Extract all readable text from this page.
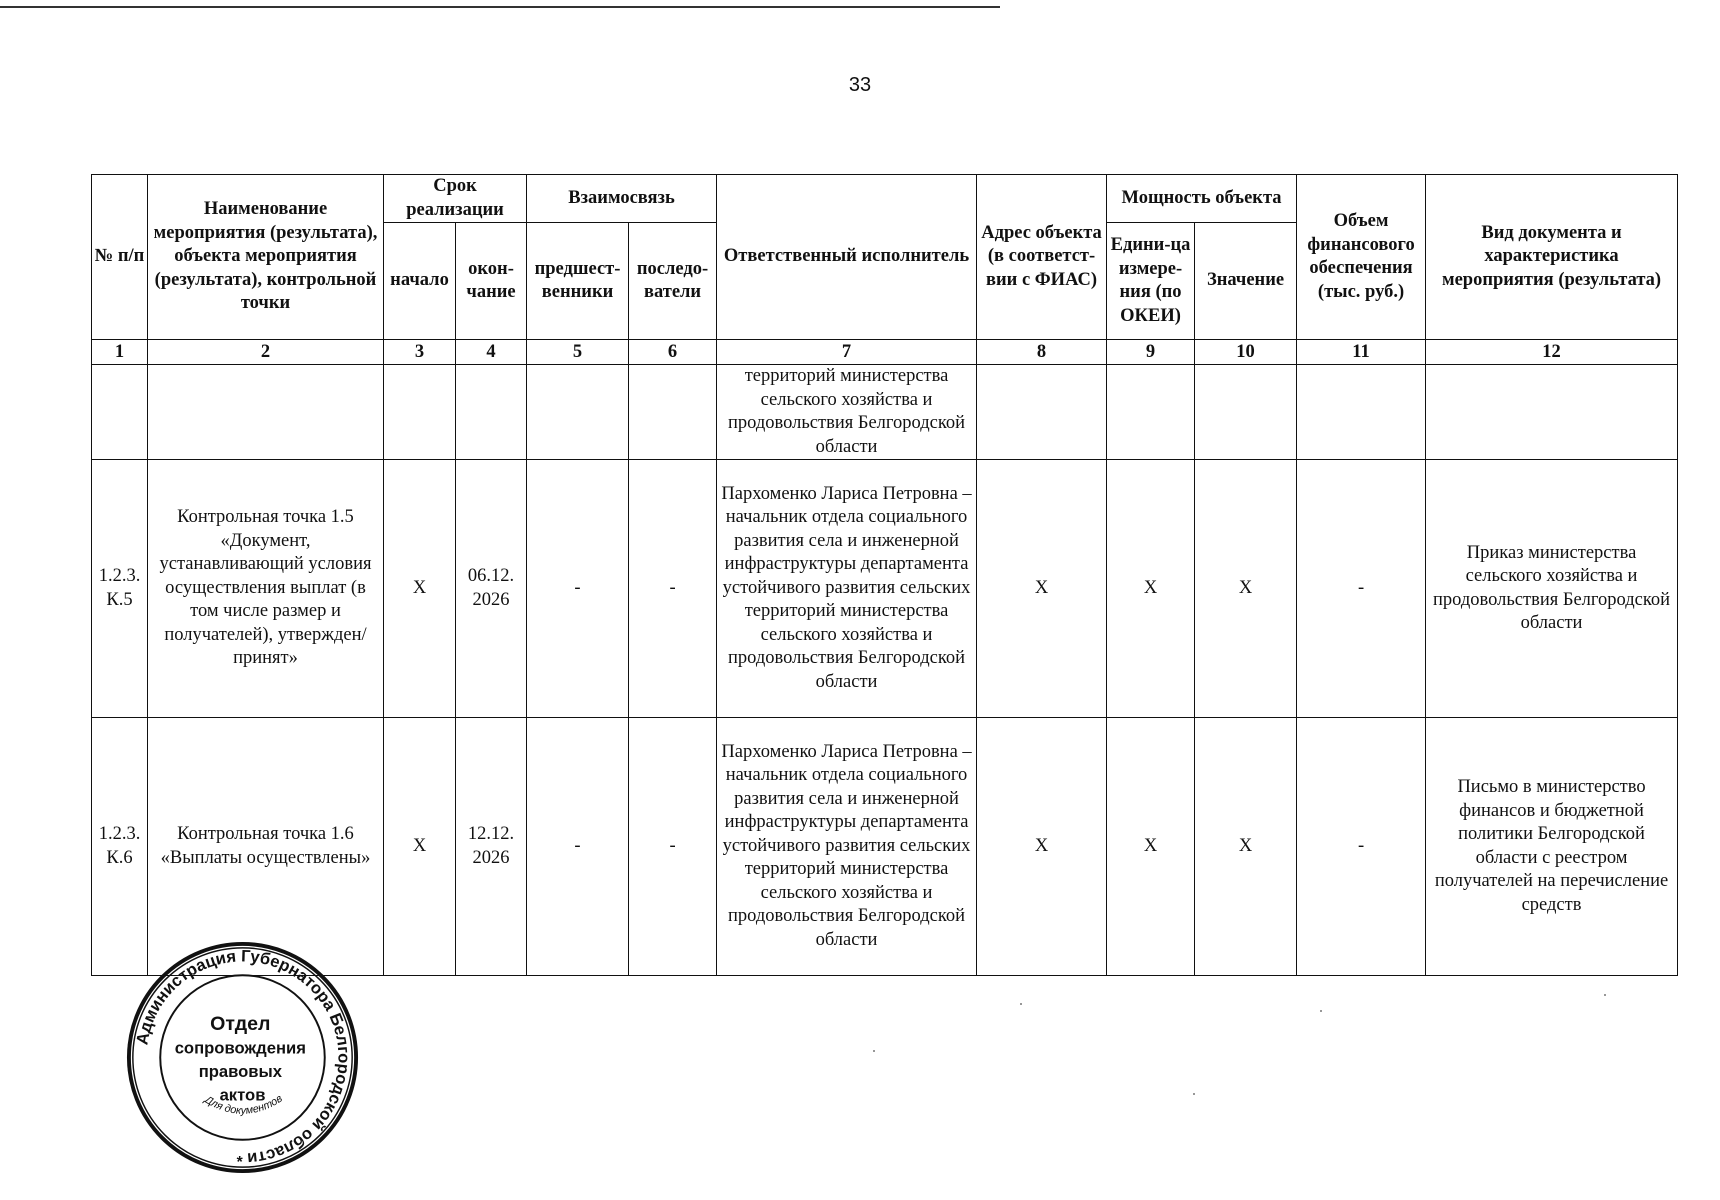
33
№ п/п	Наименование мероприятия (результата), объекта мероприятия (результата), контрольной точки	Срок реализации		Взаимосвязь		Ответственный исполнитель	Адрес объекта (в соответст-вии с ФИАС)	Мощность объекта		Объем финансового обеспечения (тыс. руб.)	Вид документа и характеристика мероприятия (результата)
		начало	окон-чание	предшест-венники	последо-ватели			Едини-ца измере-ния (по ОКЕИ)	Значение		
1	2	3	4	5	6	7	8	9	10	11	12
						территорий министерства сельского хозяйства и продовольствия Белгородской области					
1.2.3. К.5	Контрольная точка 1.5 «Документ, устанавливающий условия осуществления выплат (в том числе размер и получателей), утвержден/принят»	X	06.12. 2026	-	-	Пархоменко Лариса Петровна – начальник отдела социального развития села и инженерной инфраструктуры департамента устойчивого развития сельских территорий министерства сельского хозяйства и продовольствия Белгородской области	X	X	X	-	Приказ министерства сельского хозяйства и продовольствия Белгородской области
1.2.3. К.6	Контрольная точка 1.6 «Выплаты осуществлены»	X	12.12. 2026	-	-	Пархоменко Лариса Петровна – начальник отдела социального развития села и инженерной инфраструктуры департамента устойчивого развития сельских территорий министерства сельского хозяйства и продовольствия Белгородской области	X	X	X	-	Письмо в министерство финансов и бюджетной политики Белгородской области с реестром получателей на перечисление средств
Администрация Губернатора Белгородской области
Отдел сопровождения правовых актов
Для документов
*
